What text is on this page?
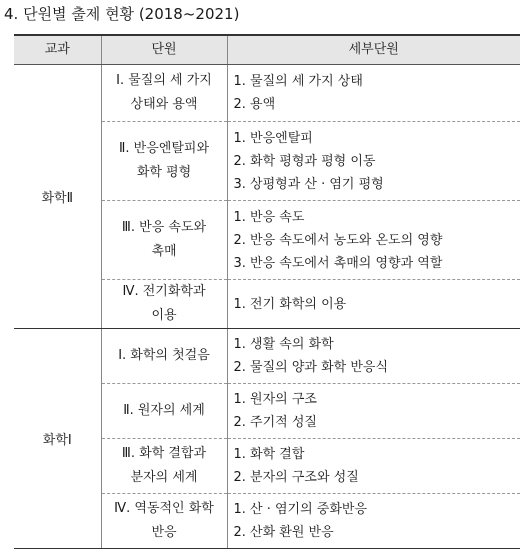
4. 단원별 출제 현황 (2018~2021)
교과	단원	세부단원
화학Ⅱ	Ⅰ. 물질의 세 가지 상태와 용액	1. 물질의 세 가지 상태
2. 용액

	Ⅱ. 반응엔탈피와 화학 평형	1. 반응엔탈피
2. 화학 평형과 평형 이동
3. 상평형과 산 · 염기 평형

	Ⅲ. 반응 속도와 촉매	1. 반응 속도
2. 반응 속도에서 농도와 온도의 영향
3. 반응 속도에서 촉매의 영향과 역할

	Ⅳ. 전기화학과 이용	1. 전기 화학의 이용

화학Ⅰ	Ⅰ. 화학의 첫걸음	1. 생활 속의 화학
2. 물질의 양과 화학 반응식

	Ⅱ. 원자의 세계	1. 원자의 구조
2. 주기적 성질

	Ⅲ. 화학 결합과 분자의 세계	1. 화학 결합
2. 분자의 구조와 성질

	Ⅳ. 역동적인 화학 반응	1. 산 · 염기의 중화반응
2. 산화 환원 반응
